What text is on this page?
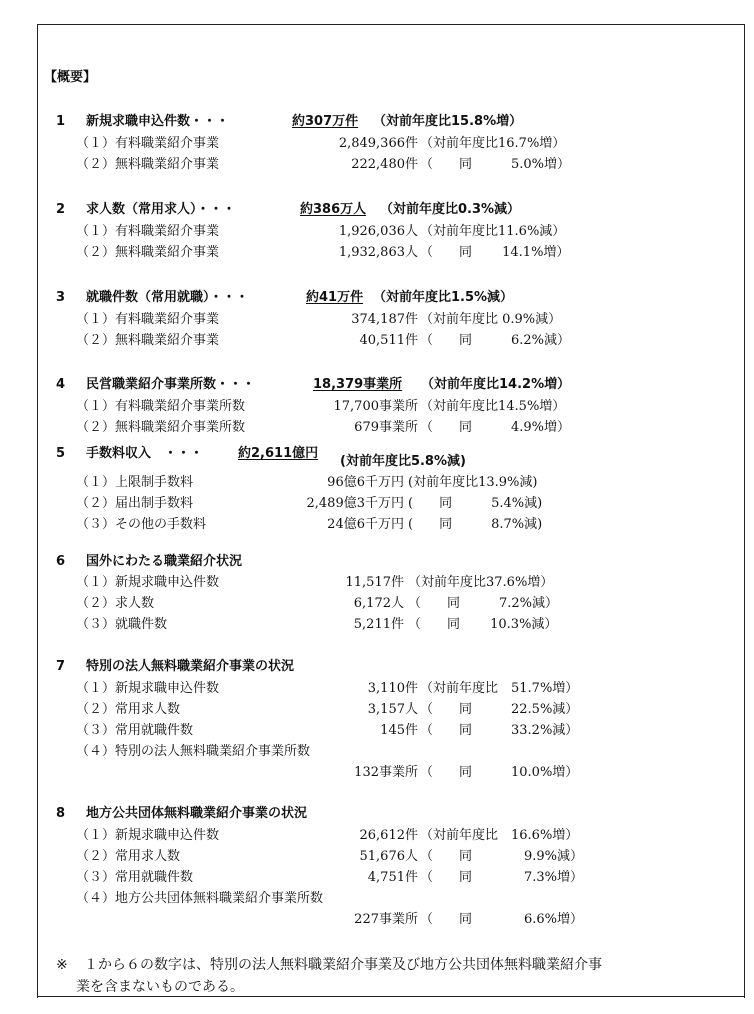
【概要】
1 新規求職申込件数・・・	約307万件 （対前年度比15.8%増）
（１）有料職業紹介事業	2,849,366件 （対前年度比16.7%増）
（２）無料職業紹介事業	222,480件 （　　同　　　5.0%増）
2 求人数（常用求人）・・・	約386万人 （対前年度比0.3%減）
（１）有料職業紹介事業	1,926,036人 （対前年度比11.6%減）
（２）無料職業紹介事業	1,932,863人 （　　同　　 14.1%増）
3 就職件数（常用就職）・・・	約41万件 （対前年度比1.5%減）
（１）有料職業紹介事業	374,187件 （対前年度比 0.9%減）
（２）無料職業紹介事業	40,511件 （　　同　　　6.2%減）
4 民営職業紹介事業所数・・・	18,379事業所 （対前年度比14.2%増）
（１）有料職業紹介事業所数	17,700事業所 （対前年度比14.5%増）
（２）無料職業紹介事業所数	679事業所 （　　同　　　4.9%増）
5 手数料収入　・・・	約2,611億円
(対前年度比5.8%減)
（１）上限制手数料	96億6千万円 (対前年度比13.9%減)
（２）届出制手数料	2,489億3千万円 (　　同　　　5.4%減)
（３）その他の手数料	24億6千万円 (　　同　　　8.7%減)
6 国外にわたる職業紹介状況
（１）新規求職申込件数	11,517件 （対前年度比37.6%増）
（２）求人数	6,172人 （　　同　　　7.2%減）
（３）就職件数	5,211件 （　　同　　 10.3%減）
7 特別の法人無料職業紹介事業の状況
（１）新規求職申込件数	3,110件 （対前年度比　51.7%増）
（２）常用求人数	3,157人 （　　同　　　22.5%減）
（３）常用就職件数	145件 （　　同　　　33.2%減）
（４）特別の法人無料職業紹介事業所数
132事業所 （　　同　　　10.0%増）
8 地方公共団体無料職業紹介事業の状況
（１）新規求職申込件数	26,612件 （対前年度比　16.6%増）
（２）常用求人数	51,676人 （　　同　　　　9.9%減）
（３）常用就職件数	4,751件 （　　同　　　　7.3%増）
（４）地方公共団体無料職業紹介事業所数
227事業所 （　　同　　　　6.6%増）
※ １から６の数字は、特別の法人無料職業紹介事業及び地方公共団体無料職業紹介事
業を含まないものである。
